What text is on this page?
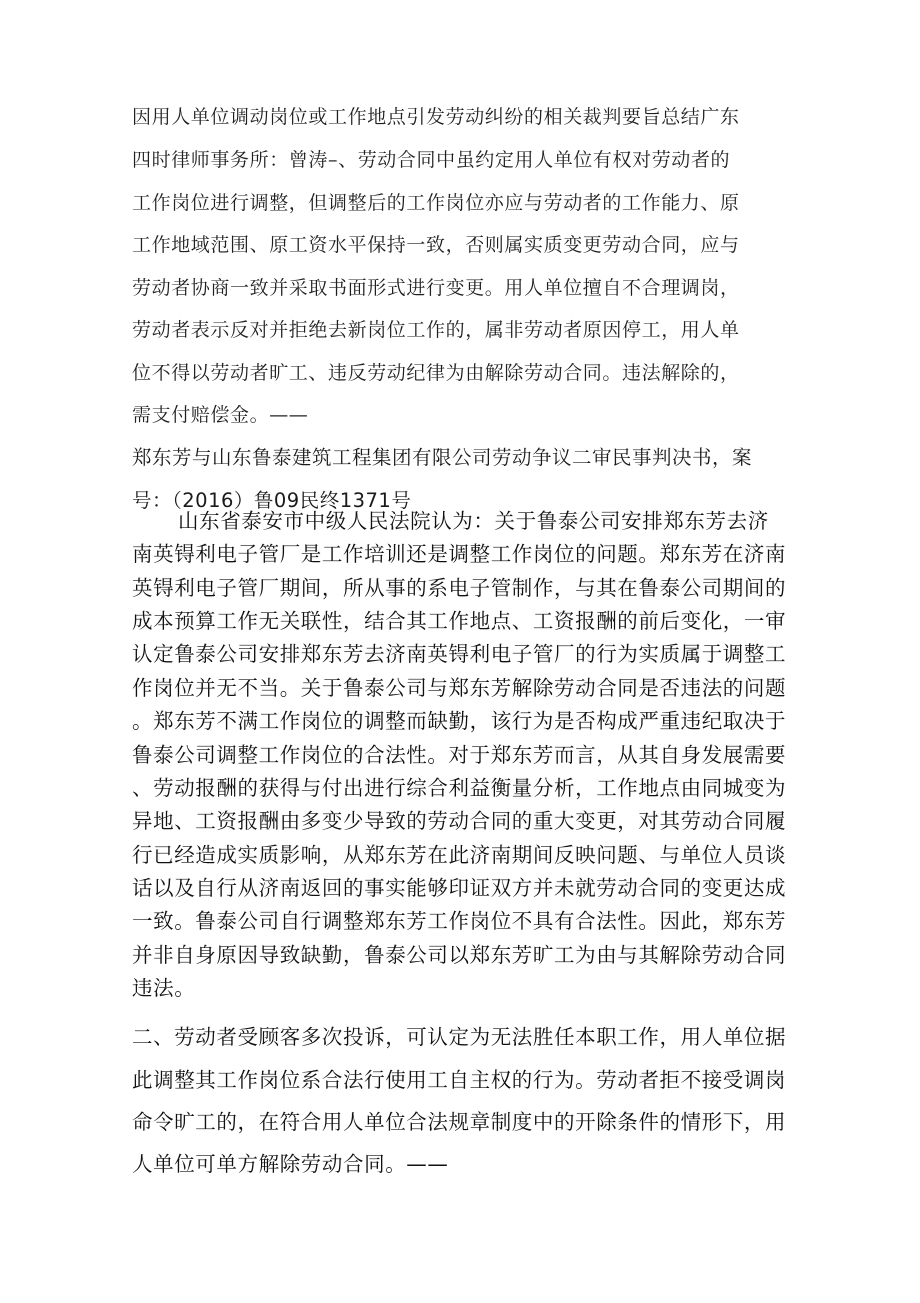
因用人单位调动岗位或工作地点引发劳动纠纷的相关裁判要旨总结广东

四时律师事务所：曾涛–、劳动合同中虽约定用人单位有权对劳动者的

工作岗位进行调整，但调整后的工作岗位亦应与劳动者的工作能力、原

工作地域范围、原工资水平保持一致，否则属实质变更劳动合同，应与

劳动者协商一致并采取书面形式进行变更。用人单位擅自不合理调岗，

劳动者表示反对并拒绝去新岗位工作的，属非劳动者原因停工，用人单

位不得以劳动者旷工、违反劳动纪律为由解除劳动合同。违法解除的，

需支付赔偿金。——

郑东芳与山东鲁泰建筑工程集团有限公司劳动争议二审民事判决书，案

号：（2016）鲁09民终1371号

山东省泰安市中级人民法院认为：关于鲁泰公司安排郑东芳去济

南英锝利电子管厂是工作培训还是调整工作岗位的问题。郑东芳在济南

英锝利电子管厂期间，所从事的系电子管制作，与其在鲁泰公司期间的

成本预算工作无关联性，结合其工作地点、工资报酬的前后变化，一审

认定鲁泰公司安排郑东芳去济南英锝利电子管厂的行为实质属于调整工

作岗位并无不当。关于鲁泰公司与郑东芳解除劳动合同是否违法的问题

。郑东芳不满工作岗位的调整而缺勤，该行为是否构成严重违纪取决于

鲁泰公司调整工作岗位的合法性。对于郑东芳而言，从其自身发展需要

、劳动报酬的获得与付出进行综合利益衡量分析，工作地点由同城变为

异地、工资报酬由多变少导致的劳动合同的重大变更，对其劳动合同履

行已经造成实质影响，从郑东芳在此济南期间反映问题、与单位人员谈

话以及自行从济南返回的事实能够印证双方并未就劳动合同的变更达成

一致。鲁泰公司自行调整郑东芳工作岗位不具有合法性。因此，郑东芳

并非自身原因导致缺勤，鲁泰公司以郑东芳旷工为由与其解除劳动合同

违法。

二、劳动者受顾客多次投诉，可认定为无法胜任本职工作，用人单位据

此调整其工作岗位系合法行使用工自主权的行为。劳动者拒不接受调岗

命令旷工的，在符合用人单位合法规章制度中的开除条件的情形下，用

人单位可单方解除劳动合同。——
